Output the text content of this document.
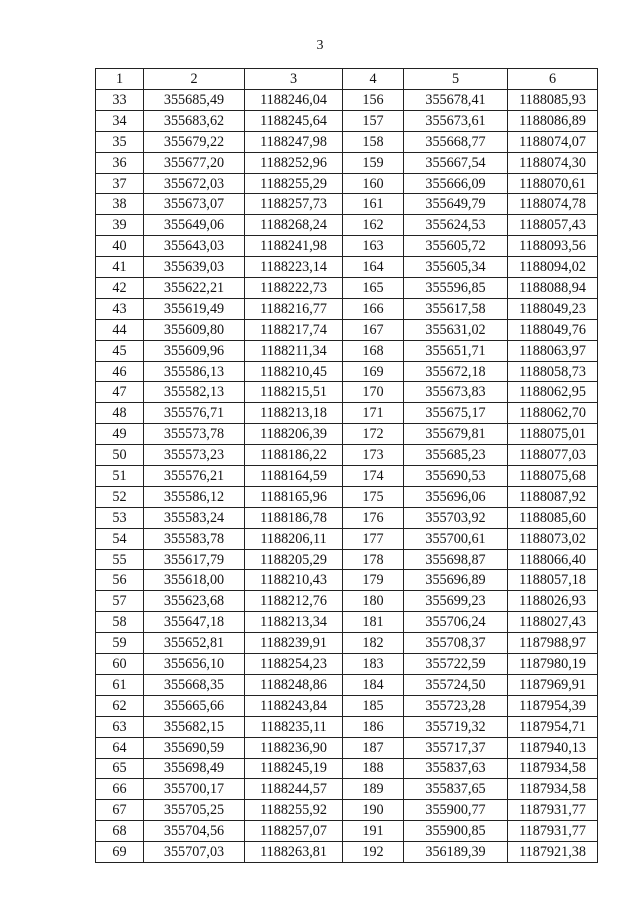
3
1	2	3	4	5	6
33	355685,49	1188246,04	156	355678,41	1188085,93
34	355683,62	1188245,64	157	355673,61	1188086,89
35	355679,22	1188247,98	158	355668,77	1188074,07
36	355677,20	1188252,96	159	355667,54	1188074,30
37	355672,03	1188255,29	160	355666,09	1188070,61
38	355673,07	1188257,73	161	355649,79	1188074,78
39	355649,06	1188268,24	162	355624,53	1188057,43
40	355643,03	1188241,98	163	355605,72	1188093,56
41	355639,03	1188223,14	164	355605,34	1188094,02
42	355622,21	1188222,73	165	355596,85	1188088,94
43	355619,49	1188216,77	166	355617,58	1188049,23
44	355609,80	1188217,74	167	355631,02	1188049,76
45	355609,96	1188211,34	168	355651,71	1188063,97
46	355586,13	1188210,45	169	355672,18	1188058,73
47	355582,13	1188215,51	170	355673,83	1188062,95
48	355576,71	1188213,18	171	355675,17	1188062,70
49	355573,78	1188206,39	172	355679,81	1188075,01
50	355573,23	1188186,22	173	355685,23	1188077,03
51	355576,21	1188164,59	174	355690,53	1188075,68
52	355586,12	1188165,96	175	355696,06	1188087,92
53	355583,24	1188186,78	176	355703,92	1188085,60
54	355583,78	1188206,11	177	355700,61	1188073,02
55	355617,79	1188205,29	178	355698,87	1188066,40
56	355618,00	1188210,43	179	355696,89	1188057,18
57	355623,68	1188212,76	180	355699,23	1188026,93
58	355647,18	1188213,34	181	355706,24	1188027,43
59	355652,81	1188239,91	182	355708,37	1187988,97
60	355656,10	1188254,23	183	355722,59	1187980,19
61	355668,35	1188248,86	184	355724,50	1187969,91
62	355665,66	1188243,84	185	355723,28	1187954,39
63	355682,15	1188235,11	186	355719,32	1187954,71
64	355690,59	1188236,90	187	355717,37	1187940,13
65	355698,49	1188245,19	188	355837,63	1187934,58
66	355700,17	1188244,57	189	355837,65	1187934,58
67	355705,25	1188255,92	190	355900,77	1187931,77
68	355704,56	1188257,07	191	355900,85	1187931,77
69	355707,03	1188263,81	192	356189,39	1187921,38
